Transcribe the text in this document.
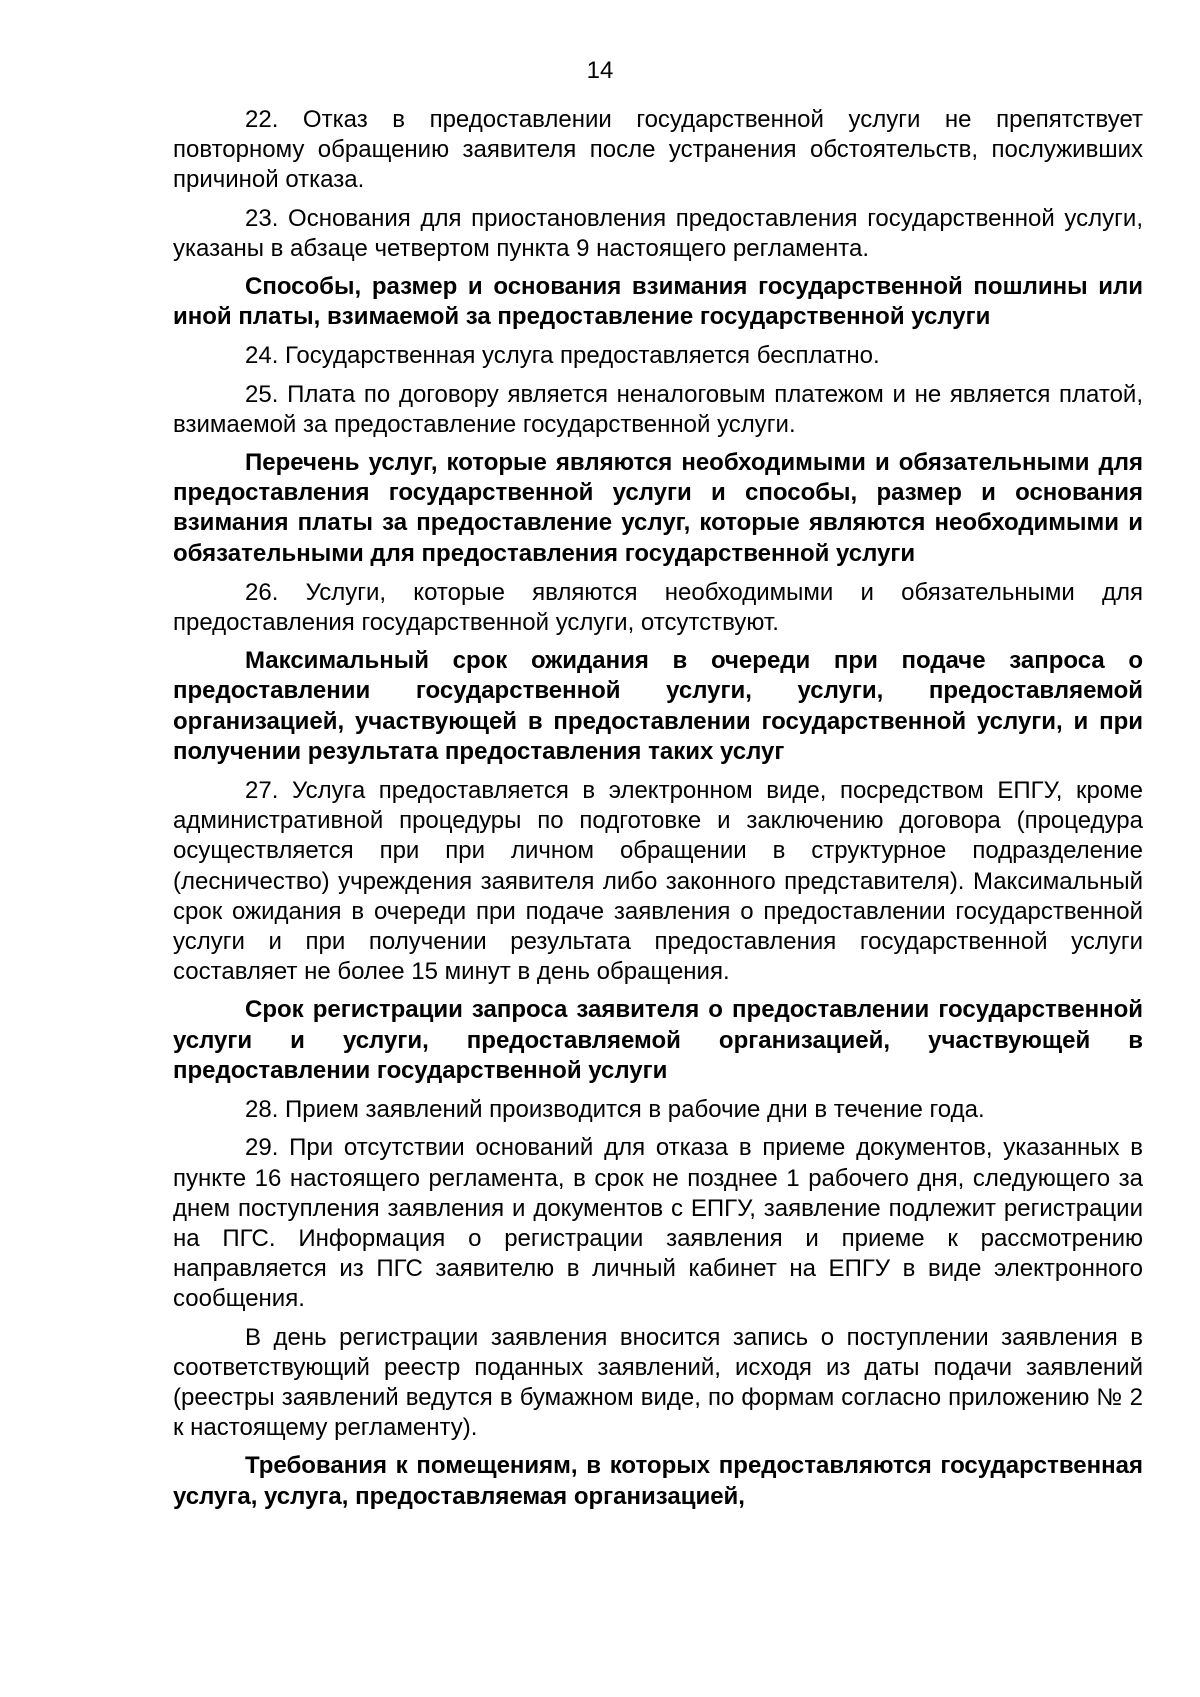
14

22. Отказ в предоставлении государственной услуги не препятствует повторному обращению заявителя после устранения обстоятельств, послуживших причиной отказа.

23. Основания для приостановления предоставления государственной услуги, указаны в абзаце четвертом пункта 9 настоящего регламента.

Способы, размер и основания взимания государственной пошлины или иной платы, взимаемой за предоставление государственной услуги

24. Государственная услуга предоставляется бесплатно.

25. Плата по договору является неналоговым платежом и не является платой, взимаемой за предоставление государственной услуги.

Перечень услуг, которые являются необходимыми и обязательными для предоставления государственной услуги и способы, размер и основания взимания платы за предоставление услуг, которые являются необходимыми и обязательными для предоставления государственной услуги

26. Услуги, которые являются необходимыми и обязательными для предоставления государственной услуги, отсутствуют.

Максимальный срок ожидания в очереди при подаче запроса о предоставлении государственной услуги, услуги, предоставляемой организацией, участвующей в предоставлении государственной услуги, и при получении результата предоставления таких услуг

27. Услуга предоставляется в электронном виде, посредством ЕПГУ, кроме административной процедуры по подготовке и заключению договора (процедура осуществляется при при личном обращении в структурное подразделение (лесничество) учреждения заявителя либо законного представителя). Максимальный срок ожидания в очереди при подаче заявления о предоставлении государственной услуги и при получении результата предоставления государственной услуги составляет не более 15 минут в день обращения.

Срок регистрации запроса заявителя о предоставлении государственной услуги и услуги, предоставляемой организацией, участвующей в предоставлении государственной услуги

28. Прием заявлений производится в рабочие дни в течение года.

29. При отсутствии оснований для отказа в приеме документов, указанных в пункте 16 настоящего регламента, в срок не позднее 1 рабочего дня, следующего за днем поступления заявления и документов с ЕПГУ, заявление подлежит регистрации на ПГС. Информация о регистрации заявления и приеме к рассмотрению направляется из ПГС заявителю в личный кабинет на ЕПГУ в виде электронного сообщения.

В день регистрации заявления вносится запись о поступлении заявления в соответствующий реестр поданных заявлений, исходя из даты подачи заявлений (реестры заявлений ведутся в бумажном виде, по формам согласно приложению № 2 к настоящему регламенту).

Требования к помещениям, в которых предоставляются государственная услуга, услуга, предоставляемая организацией,
